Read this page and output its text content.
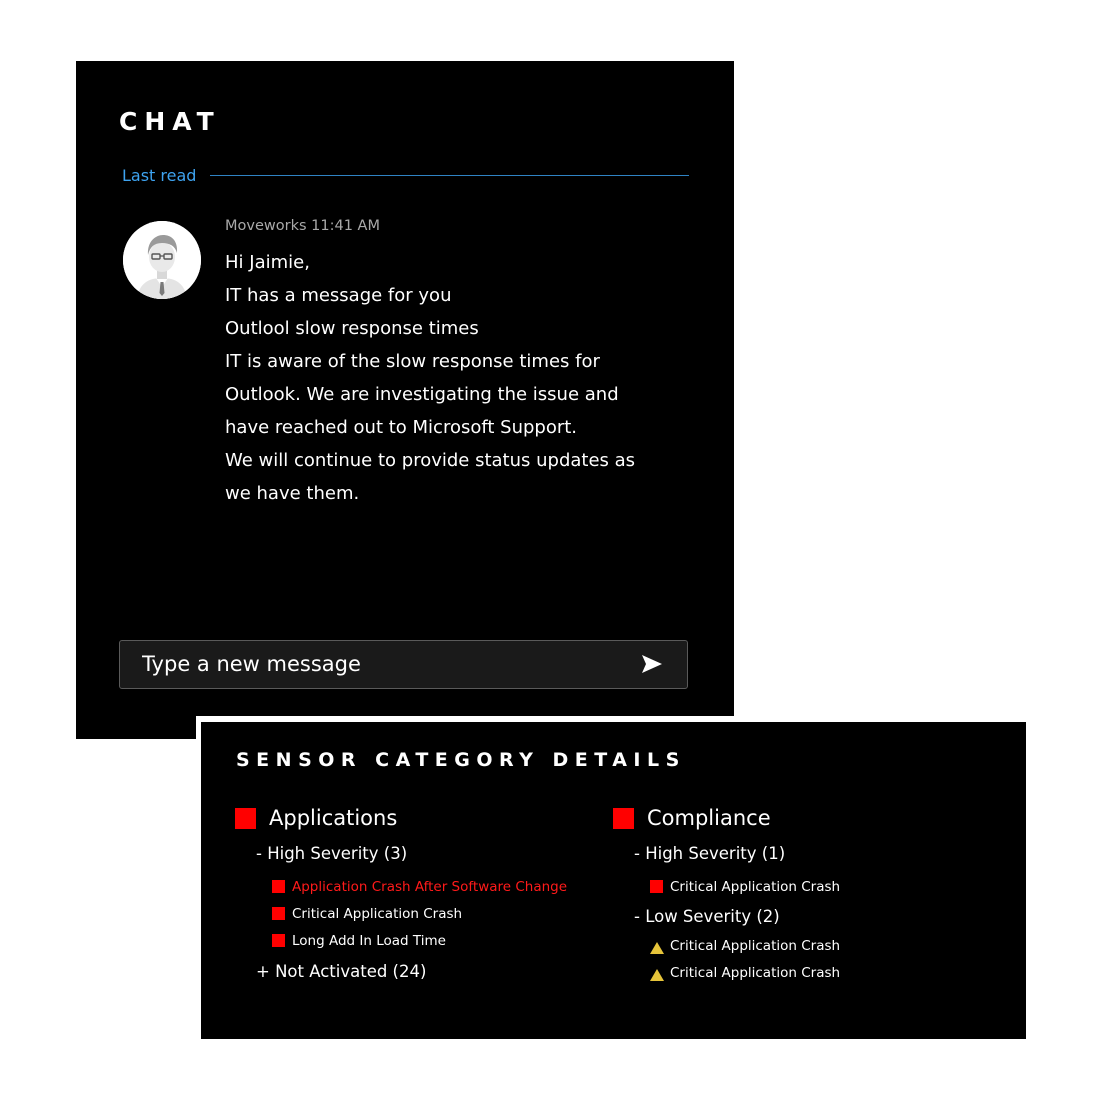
CHAT
Last read
Moveworks 11:41 AM
Hi Jaimie,
IT has a message for you
Outlool slow response times
IT is aware of the slow response times for
Outlook. We are investigating the issue and
have reached out to Microsoft Support.
We will continue to provide status updates as
we have them.
Type a new message
SENSOR CATEGORY DETAILS
Applications
- High Severity (3)
Application Crash After Software Change
Critical Application Crash
Long Add In Load Time
+ Not Activated (24)
Compliance
- High Severity (1)
Critical Application Crash
- Low Severity (2)
Critical Application Crash
Critical Application Crash
